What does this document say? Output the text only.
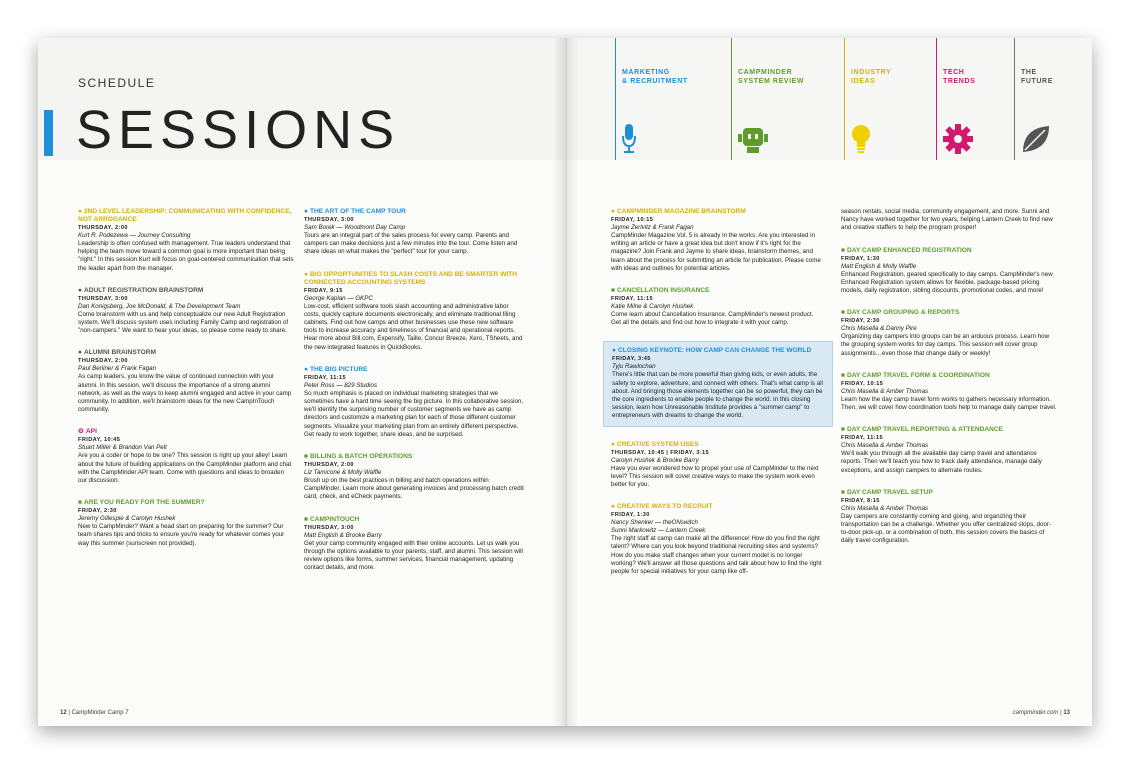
SCHEDULE
SESSIONS
● 2ND LEVEL LEADERSHIP: COMMUNICATING WITH CONFIDENCE, NOT ARROGANCE
THURSDAY, 2:00
Kurt R. Podezewa — Journey Consulting
Leadership is often confused with management. True leaders understand that helping the team move toward a common goal is more important than being "right." In this session Kurt will focus on goal-centered communication that sets the leader apart from the manager.
● ADULT REGISTRATION BRAINSTORM
THURSDAY, 3:00
Dan Konigsberg, Joe McDonald, & The Development Team
Come brainstorm with us and help conceptualize our new Adult Registration system. We'll discuss system uses including Family Camp and registration of "non-campers." We want to hear your ideas, so please come ready to share.
● ALUMNI BRAINSTORM
THURSDAY, 2:00
Paul Berliner & Frank Fagan
As camp leaders, you know the value of continued connection with your alumni. In this session, we'll discuss the importance of a strong alumni network, as well as the ways to keep alumni engaged and active in your camp community. In addition, we'll brainstorm ideas for the new CampInTouch community.
⚙ API
FRIDAY, 10:45
Stuart Miller & Brandon Van Pelt
Are you a coder or hope to be one? This session is right up your alley! Learn about the future of building applications on the CampMinder platform and chat with the CampMinder API team. Come with questions and ideas to broaden our discussion.
■ ARE YOU READY FOR THE SUMMER?
FRIDAY, 2:30
Jeremy Gillespie & Carolyn Hushek
New to CampMinder? Want a head start on preparing for the summer? Our team shares tips and tricks to ensure you're ready for whatever comes your way this summer (sunscreen not provided).
● THE ART OF THE CAMP TOUR
THURSDAY, 3:00
Sam Borek — Woodmont Day Camp
Tours are an integral part of the sales process for every camp. Parents and campers can make decisions just a few minutes into the tour. Come listen and share ideas on what makes the "perfect" tour for your camp.
● BIG OPPORTUNITIES TO SLASH COSTS AND BE SMARTER WITH CONNECTED ACCOUNTING SYSTEMS
FRIDAY, 9:15
George Kaplan — GKPC
Low-cost, efficient software tools slash accounting and administrative labor costs, quickly capture documents electronically, and eliminate traditional filing cabinets. Find out how camps and other businesses use these new software tools to increase accuracy and timeliness of financial and operational reports. Hear more about Bill.com, Expensify, Taille, Concur Breeze, Xero, TSheets, and the new integrated features in QuickBooks.
● THE BIG PICTURE
FRIDAY, 11:15
Peter Ross — 829 Studios
So much emphasis is placed on individual marketing strategies that we sometimes have a hard time seeing the big picture. In this collaborative session, we'll identify the surprising number of customer segments we have as camp directors and customize a marketing plan for each of those different customer segments. Visualize your marketing plan from an entirely different perspective. Get ready to work together, share ideas, and be surprised.
■ BILLING & BATCH OPERATIONS
THURSDAY, 2:00
Liz Tamicone & Molly Waffle
Brush up on the best practices in billing and batch operations within CampMinder. Learn more about generating invoices and processing batch credit card, check, and eCheck payments.
■ CAMPINTOUCH
THURSDAY, 3:00
Matt English & Brooke Barry
Get your camp community engaged with their online accounts. Let us walk you through the options available to your parents, staff, and alumni. This session will review options like forms, summer services, financial management, updating contact details, and more.
12 | CampMinder Camp 7
MARKETING
& RECRUITMENT
CAMPMINDER
SYSTEM REVIEW
INDUSTRY
IDEAS
TECH
TRENDS
THE
FUTURE
● CAMPMINDER MAGAZINE BRAINSTORM
FRIDAY, 10:15
Jayme Zerlvitz & Frank Fagan
CampMinder Magazine Vol. 5 is already in the works. Are you interested in writing an article or have a great idea but don't know if it's right for the magazine? Join Frank and Jayme to share ideas, brainstorm themes, and learn about the process for submitting an article for publication. Please come with ideas and outlines for potential articles.
■ CANCELLATION INSURANCE
FRIDAY, 11:15
Katie Milne & Carolyn Hushek
Come learn about Cancellation Insurance, CampMinder's newest product. Get all the details and find out how to integrate it with your camp.
● CLOSING KEYNOTE: HOW CAMP CAN CHANGE THE WORLD
FRIDAY, 3:45
Tyju Rawlochan
There's little that can be more powerful than giving kids, or even adults, the safety to explore, adventure, and connect with others. That's what camp is all about. And bringing those elements together can be so powerful, they can be the core ingredients to enable people to change the world. In this closing session, learn how Unreasonable Institute provides a "summer camp" to entrepreneurs with dreams to change the world.
● CREATIVE SYSTEM USES
THURSDAY, 10:45 | FRIDAY, 3:15
Carolyn Hushek & Brooke Barry
Have you ever wondered how to propel your use of CampMinder to the next level? This session will cover creative ways to make the system work even better for you.
● CREATIVE WAYS TO RECRUIT
FRIDAY, 1:30
Nancy Shenker — theONswitch
Sunni Markowitz — Lantern Creek
The right staff at camp can make all the difference! How do you find the right talent? Where can you look beyond traditional recruiting sites and systems? How do you make staff changes when your current model is no longer working? We'll answer all those questions and talk about how to find the right people for special initiatives for your camp like off-
season rentals, social media, community engagement, and more. Sunni and Nancy have worked together for two years, helping Lantern Creek to find new and creative staffers to help the program prosper!
■ DAY CAMP ENHANCED REGISTRATION
FRIDAY, 1:30
Matt English & Molly Waffle
Enhanced Registration, geared specifically to day camps. CampMinder's new Enhanced Registration system allows for flexible, package-based pricing models, daily registration, sibling discounts, promotional codes, and more!
■ DAY CAMP GROUPING & REPORTS
FRIDAY, 2:30
Chris Masella & Danny Pire
Organizing day campers into groups can be an arduous process. Learn how the grouping system works for day camps. This session will cover group assignments…even those that change daily or weekly!
■ DAY CAMP TRAVEL FORM & COORDINATION
FRIDAY, 10:15
Chris Masella & Amber Thomas
Learn how the day camp travel form works to gathers necessary information. Then, we will cover how coordination tools help to manage daily camper travel.
■ DAY CAMP TRAVEL REPORTING & ATTENDANCE
FRIDAY, 11:15
Chris Masella & Amber Thomas
We'll walk you through all the available day camp travel and attendance reports. Then we'll teach you how to track daily attendance, manage daily exceptions, and assign campers to alternate routes.
■ DAY CAMP TRAVEL SETUP
FRIDAY, 8:15
Chris Masella & Amber Thomas
Day campers are constantly coming and going, and organizing their transportation can be a challenge. Whether you offer centralized stops, door-to-door pick-up, or a combination of both, this session covers the basics of daily travel configuration.
campminder.com | 13
